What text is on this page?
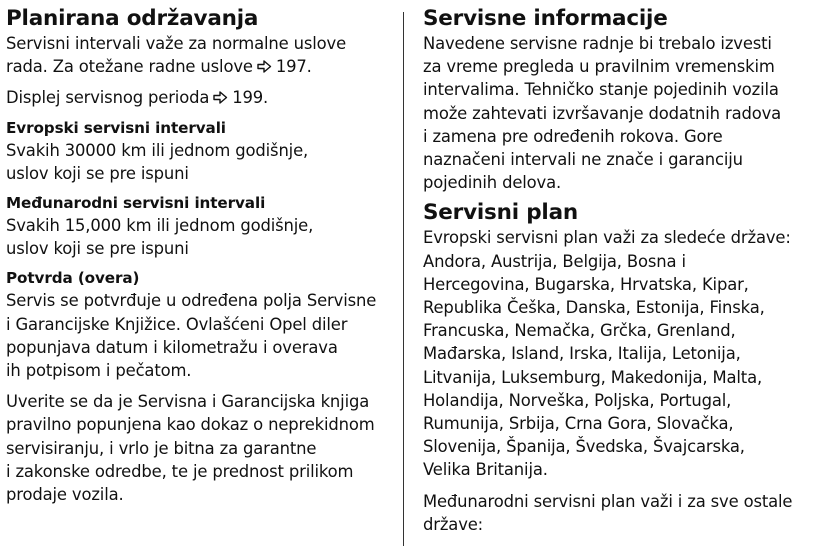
Planirana održavanja

Servisni intervali važe za normalne uslove
rada. Za otežane radne uslove 197.

Displej servisnog perioda 199.

Evropski servisni intervali

Svakih 30000 km ili jednom godišnje,
uslov koji se pre ispuni

Međunarodni servisni intervali

Svakih 15,000 km ili jednom godišnje,
uslov koji se pre ispuni

Potvrda (overa)

Servis se potvrđuje u određena polja Servisne
i Garancijske Knjižice. Ovlašćeni Opel diler
popunjava datum i kilometražu i overava
ih potpisom i pečatom.

Uverite se da je Servisna i Garancijska knjiga
pravilno popunjena kao dokaz o neprekidnom
servisiranju, i vrlo je bitna za garantne
i zakonske odredbe, te je prednost prilikom
prodaje vozila.

Servisne informacije

Navedene servisne radnje bi trebalo izvesti
za vreme pregleda u pravilnim vremenskim
intervalima. Tehničko stanje pojedinih vozila
može zahtevati izvršavanje dodatnih radova
i zamena pre određenih rokova. Gore
naznačeni intervali ne znače i garanciju
pojedinih delova.

Servisni plan

Evropski servisni plan važi za sledeće države:
Andora, Austrija, Belgija, Bosna i
Hercegovina, Bugarska, Hrvatska, Kipar,
Republika Češka, Danska, Estonija, Finska,
Francuska, Nemačka, Grčka, Grenland,
Mađarska, Island, Irska, Italija, Letonija,
Litvanija, Luksemburg, Makedonija, Malta,
Holandija, Norveška, Poljska, Portugal,
Rumunija, Srbija, Crna Gora, Slovačka,
Slovenija, Španija, Švedska, Švajcarska,
Velika Britanija.

Međunarodni servisni plan važi i za sve ostale
države:
